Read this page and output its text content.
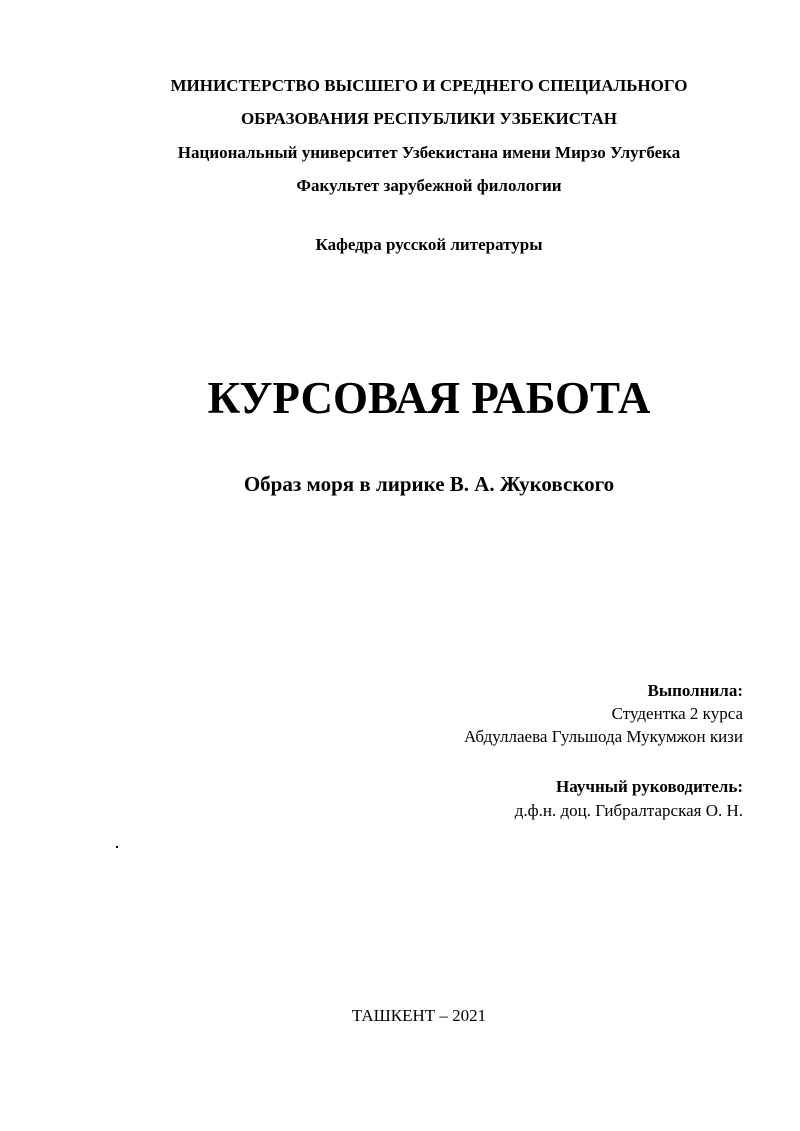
МИНИСТЕРСТВО ВЫСШЕГО И СРЕДНЕГО СПЕЦИАЛЬНОГО
ОБРАЗОВАНИЯ РЕСПУБЛИКИ УЗБЕКИСТАН
Национальный университет Узбекистана имени Мирзо Улугбека
Факультет зарубежной филологии
Кафедра русской литературы
КУРСОВАЯ РАБОТА
Образ моря в лирике В. А. Жуковского
Выполнила:
Студентка 2 курса
Абдуллаева Гульшода Мукумжон кизи
Научный руководитель:
д.ф.н. доц. Гибралтарская О. Н.
ТАШКЕНТ – 2021
